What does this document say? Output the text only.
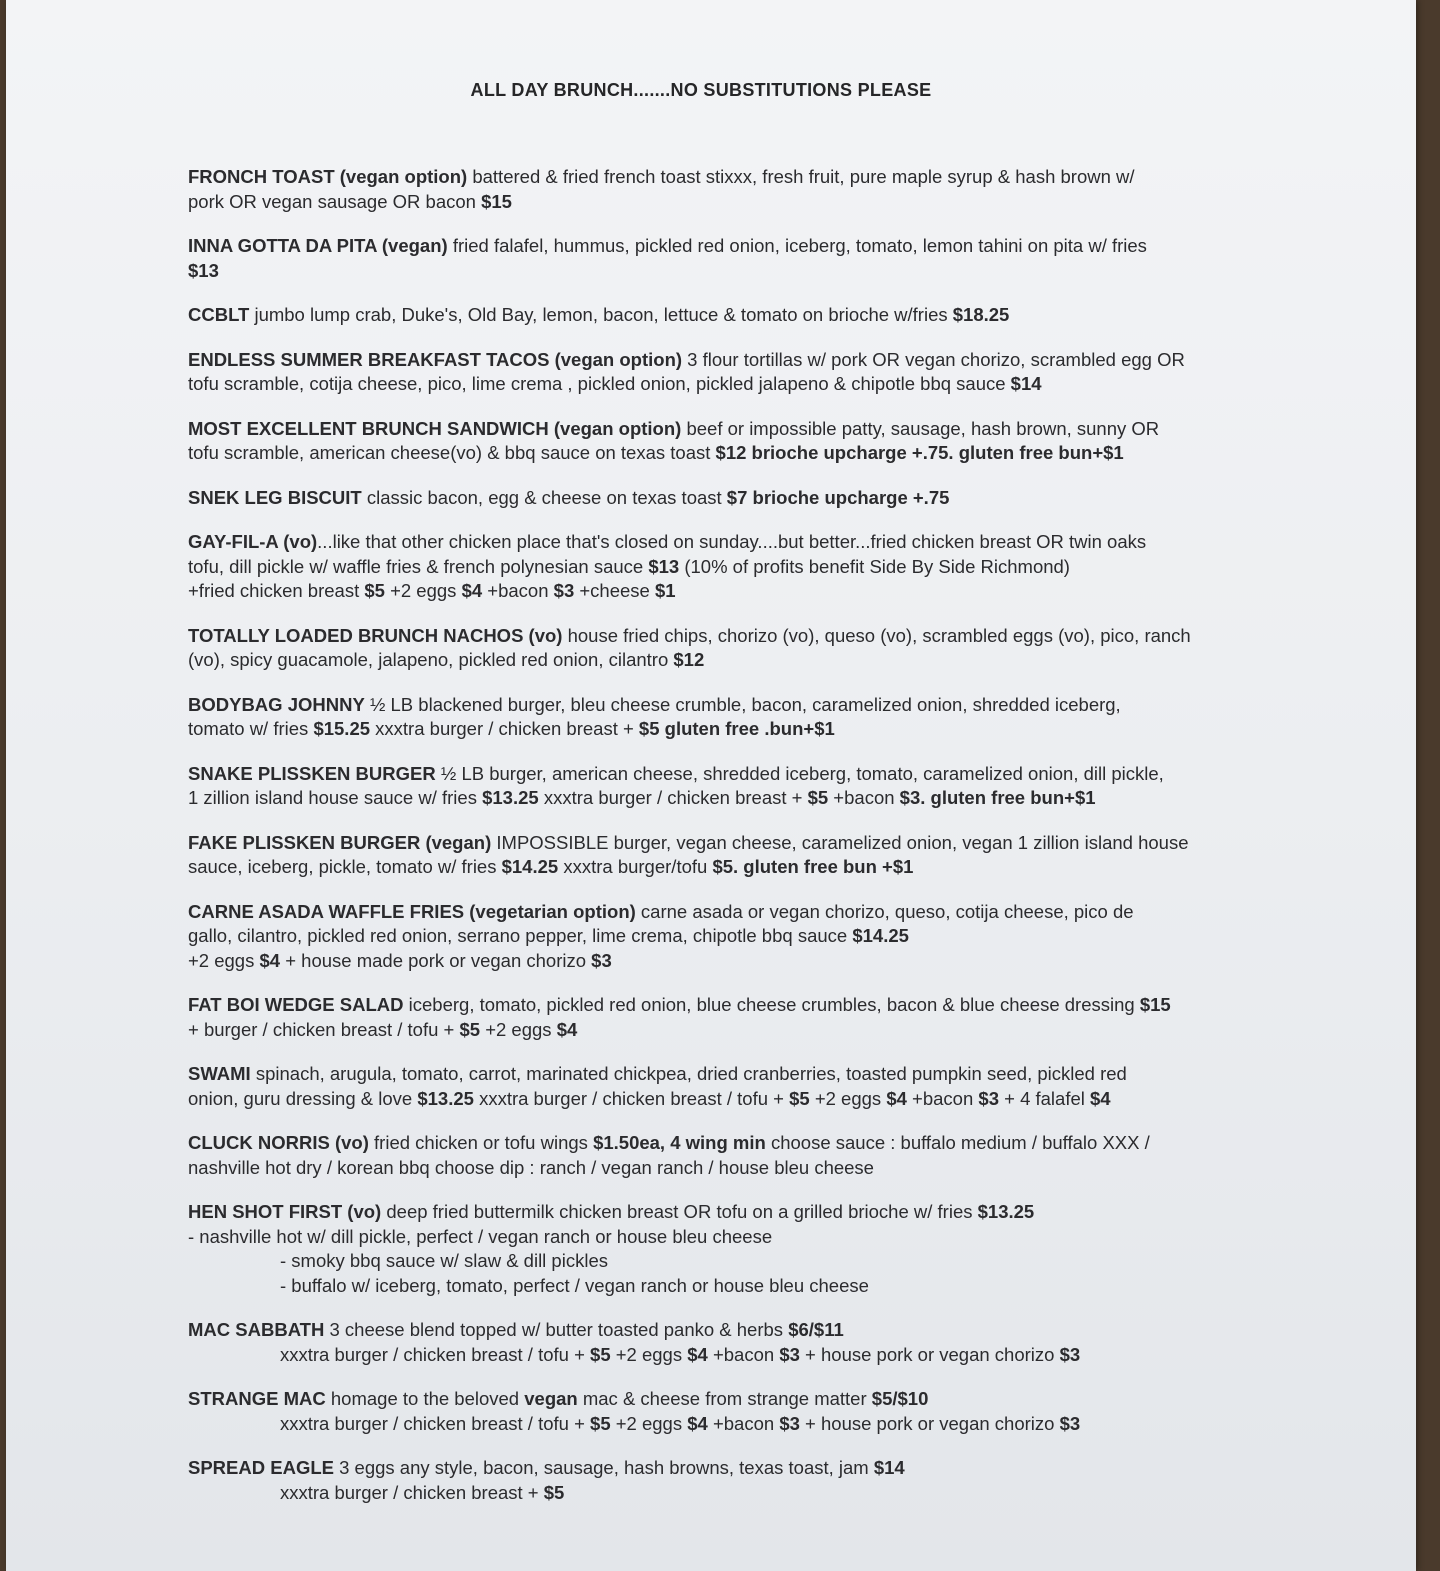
ALL DAY BRUNCH.......NO SUBSTITUTIONS PLEASE
FRONCH TOAST (vegan option) battered & fried french toast stixxx, fresh fruit, pure maple syrup & hash brown w/
pork OR vegan sausage OR bacon $15
INNA GOTTA DA PITA (vegan) fried falafel, hummus, pickled red onion, iceberg, tomato, lemon tahini on pita w/ fries
$13
CCBLT jumbo lump crab, Duke's, Old Bay, lemon, bacon, lettuce & tomato on brioche w/fries $18.25
ENDLESS SUMMER BREAKFAST TACOS (vegan option) 3 flour tortillas w/ pork OR vegan chorizo, scrambled egg OR
tofu scramble, cotija cheese, pico, lime crema , pickled onion, pickled jalapeno & chipotle bbq sauce $14
MOST EXCELLENT BRUNCH SANDWICH (vegan option) beef or impossible patty, sausage, hash brown, sunny OR
tofu scramble, american cheese(vo) & bbq sauce on texas toast $12 brioche upcharge +.75. gluten free bun+$1
SNEK LEG BISCUIT classic bacon, egg & cheese on texas toast $7 brioche upcharge +.75
GAY-FIL-A (vo)...like that other chicken place that's closed on sunday....but better...fried chicken breast OR twin oaks
tofu, dill pickle w/ waffle fries & french polynesian sauce $13 (10% of profits benefit Side By Side Richmond)
+fried chicken breast $5 +2 eggs $4 +bacon $3 +cheese $1
TOTALLY LOADED BRUNCH NACHOS (vo) house fried chips, chorizo (vo), queso (vo), scrambled eggs (vo), pico, ranch
(vo), spicy guacamole, jalapeno, pickled red onion, cilantro $12
BODYBAG JOHNNY ½ LB blackened burger, bleu cheese crumble, bacon, caramelized onion, shredded iceberg,
tomato w/ fries $15.25 xxxtra burger / chicken breast + $5 gluten free .bun+$1
SNAKE PLISSKEN BURGER ½ LB burger, american cheese, shredded iceberg, tomato, caramelized onion, dill pickle,
1 zillion island house sauce w/ fries $13.25 xxxtra burger / chicken breast + $5 +bacon $3. gluten free bun+$1
FAKE PLISSKEN BURGER (vegan) IMPOSSIBLE burger, vegan cheese, caramelized onion, vegan 1 zillion island house
sauce, iceberg, pickle, tomato w/ fries $14.25 xxxtra burger/tofu $5. gluten free bun +$1
CARNE ASADA WAFFLE FRIES (vegetarian option) carne asada or vegan chorizo, queso, cotija cheese, pico de
gallo, cilantro, pickled red onion, serrano pepper, lime crema, chipotle bbq sauce $14.25
+2 eggs $4 + house made pork or vegan chorizo $3
FAT BOI WEDGE SALAD iceberg, tomato, pickled red onion, blue cheese crumbles, bacon & blue cheese dressing $15
+ burger / chicken breast / tofu + $5 +2 eggs $4
SWAMI spinach, arugula, tomato, carrot, marinated chickpea, dried cranberries, toasted pumpkin seed, pickled red
onion, guru dressing & love $13.25 xxxtra burger / chicken breast / tofu + $5 +2 eggs $4 +bacon $3 + 4 falafel $4
CLUCK NORRIS (vo) fried chicken or tofu wings $1.50ea, 4 wing min choose sauce : buffalo medium / buffalo XXX /
nashville hot dry / korean bbq choose dip : ranch / vegan ranch / house bleu cheese
HEN SHOT FIRST (vo) deep fried buttermilk chicken breast OR tofu on a grilled brioche w/ fries $13.25
- nashville hot w/ dill pickle, perfect / vegan ranch or house bleu cheese
- smoky bbq sauce w/ slaw & dill pickles
- buffalo w/ iceberg, tomato, perfect / vegan ranch or house bleu cheese
MAC SABBATH 3 cheese blend topped w/ butter toasted panko & herbs $6/$11
xxxtra burger / chicken breast / tofu + $5 +2 eggs $4 +bacon $3 + house pork or vegan chorizo $3
STRANGE MAC homage to the beloved vegan mac & cheese from strange matter $5/$10
xxxtra burger / chicken breast / tofu + $5 +2 eggs $4 +bacon $3 + house pork or vegan chorizo $3
SPREAD EAGLE 3 eggs any style, bacon, sausage, hash browns, texas toast, jam $14
xxxtra burger / chicken breast + $5
